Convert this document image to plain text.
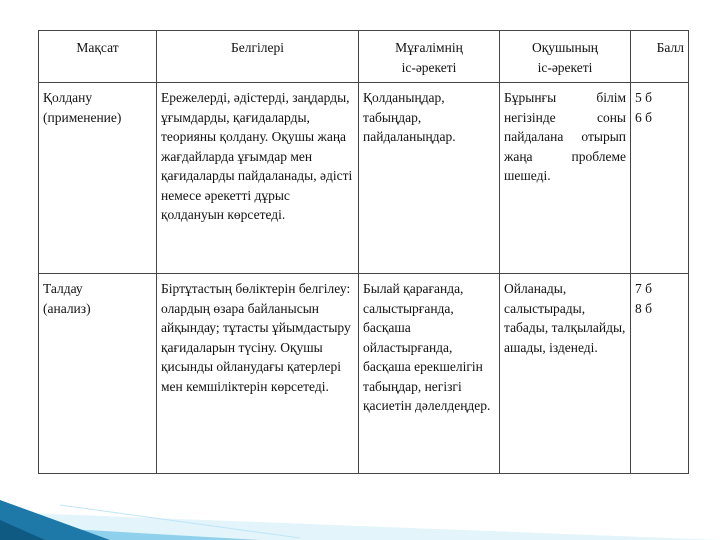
Мақсат	Белгілері	Мұғалімнің
іс-әрекеті	Оқушының
іс-әрекеті	Балл
Қолдану
(применение)	Ережелерді, әдістерді, заңдарды, ұғымдарды, қағидаларды, теорияны қолдану. Оқушы жаңа жағдайларда ұғымдар мен қағидаларды пайдаланады, әдісті немесе әрекетті дұрыс қолдануын көрсетеді.	Қолданыңдар, табыңдар, пайдаланыңдар.	Бұрынғы білім негізінде соны пайдалана отырып жаңа проблеме шешеді.	5 б
6 б
Талдау
(анализ)	Біртұтастың бөліктерін белгілеу: олардың өзара байланысын айқындау; тұтасты ұйымдастыру қағидаларын түсіну. Оқушы қисынды ойланудағы қатерлері мен кемшіліктерін көрсетеді.	Былай қарағанда, салыстырғанда, басқаша ойластырғанда, басқаша ерекшелігін табыңдар, негізгі қасиетін дәлелдеңдер.	Ойланады, салыстырады, табады, талқылайды, ашады, ізденеді.	7 б
8 б
